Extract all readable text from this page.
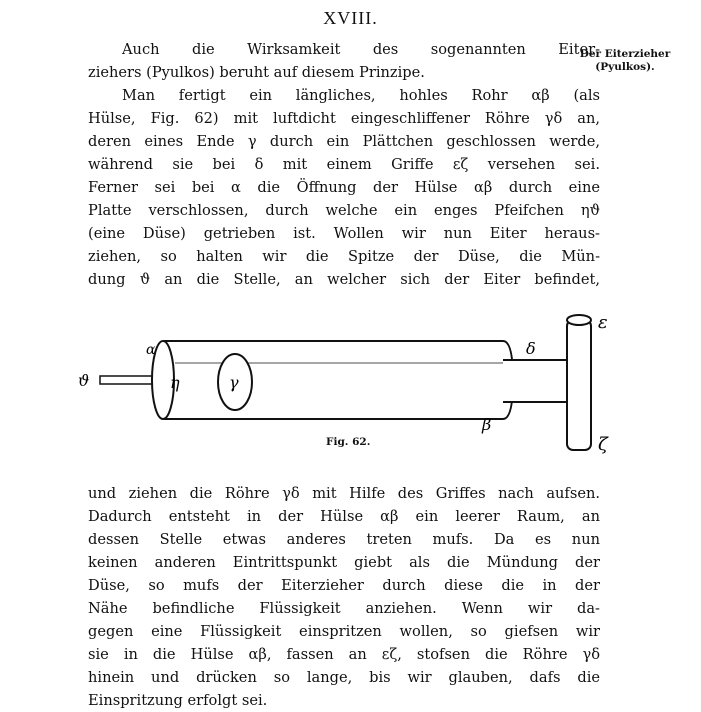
XVIII.
Der Eiterzieher
(Pyulkos).
Auch die Wirksamkeit des sogenannten Eiter-
ziehers (Pyulkos) beruht auf diesem Prinzipe.
Man fertigt ein längliches, hohles Rohr αβ (als
Hülse, Fig. 62) mit luftdicht eingeschliffener Röhre γδ an,
deren eines Ende γ durch ein Plättchen geschlossen werde,
während sie bei δ mit einem Griffe εζ versehen sei.
Ferner sei bei α die Öffnung der Hülse αβ durch eine
Platte verschlossen, durch welche ein enges Pfeifchen ηϑ
(eine Düse) getrieben ist. Wollen wir nun Eiter heraus-
ziehen, so halten wir die Spitze der Düse, die Mün-
dung ϑ an die Stelle, an welcher sich der Eiter befindet,
ϑ
α
η	γ
δ
β
ε
ζ
Fig. 62.
und ziehen die Röhre γδ mit Hilfe des Griffes nach aufsen.
Dadurch entsteht in der Hülse αβ ein leerer Raum, an
dessen Stelle etwas anderes treten mufs. Da es nun
keinen anderen Eintrittspunkt giebt als die Mündung der
Düse, so mufs der Eiterzieher durch diese die in der
Nähe befindliche Flüssigkeit anziehen. Wenn wir da-
gegen eine Flüssigkeit einspritzen wollen, so giefsen wir
sie in die Hülse αβ, fassen an εζ, stofsen die Röhre γδ
hinein und drücken so lange, bis wir glauben, dafs die
Einspritzung erfolgt sei.
